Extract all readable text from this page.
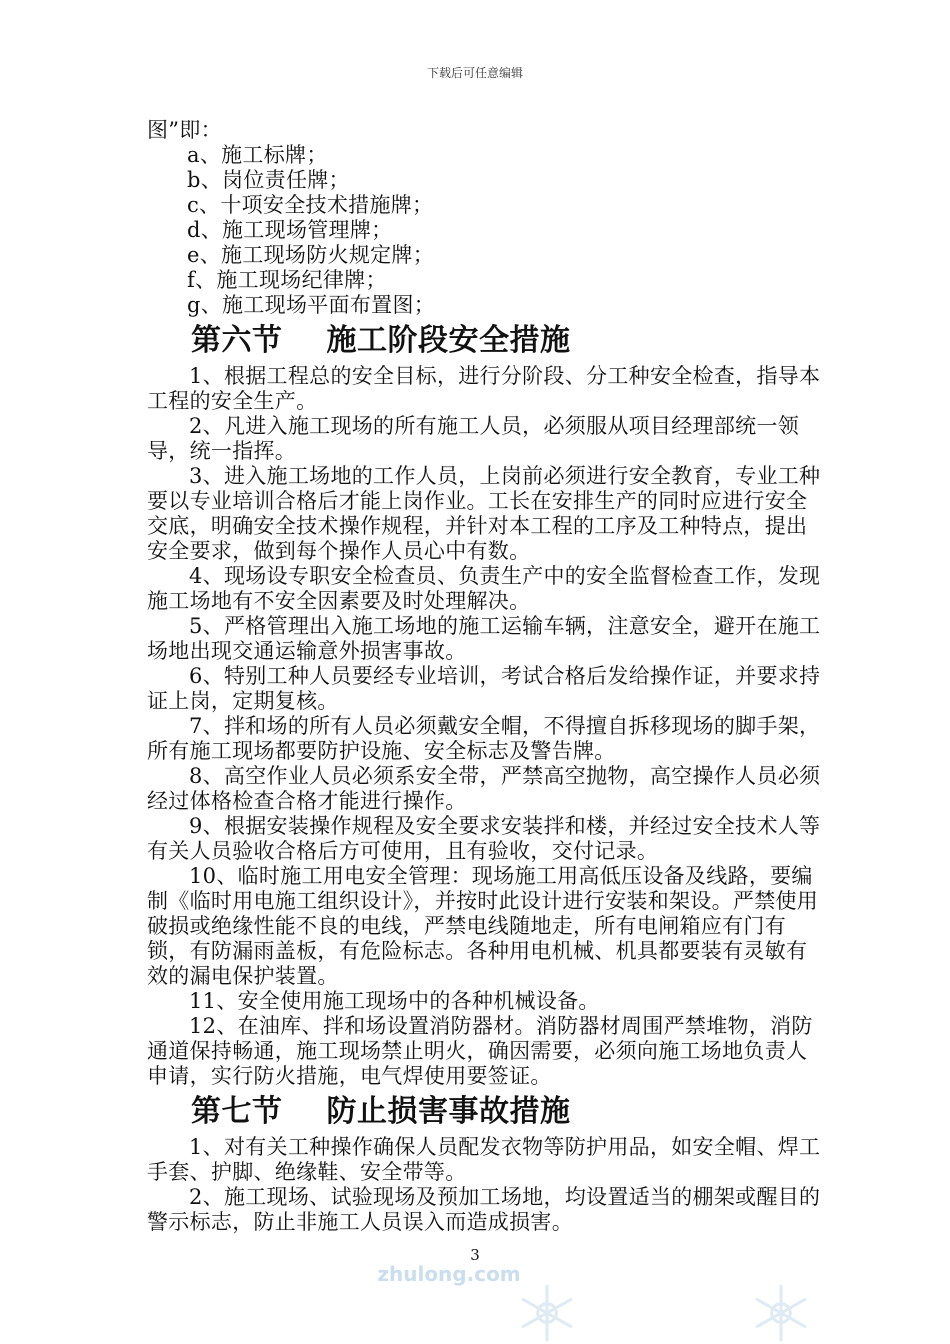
下载后可任意编辑

图”即：

a、施工标牌；

b、岗位责任牌；

c、十项安全技术措施牌；

d、施工现场管理牌；

e、施工现场防火规定牌；

f、施工现场纪律牌；

g、施工现场平面布置图；

第六节 施工阶段安全措施

1、根据工程总的安全目标，进行分阶段、分工种安全检查，指导本工程的安全生产。

2、凡进入施工现场的所有施工人员，必须服从项目经理部统一领导，统一指挥。

3、进入施工场地的工作人员，上岗前必须进行安全教育，专业工种要以专业培训合格后才能上岗作业。工长在安排生产的同时应进行安全交底，明确安全技术操作规程，并针对本工程的工序及工种特点，提出安全要求，做到每个操作人员心中有数。

4、现场设专职安全检查员、负责生产中的安全监督检查工作，发现施工场地有不安全因素要及时处理解决。

5、严格管理出入施工场地的施工运输车辆，注意安全，避开在施工场地出现交通运输意外损害事故。

6、特别工种人员要经专业培训，考试合格后发给操作证，并要求持证上岗，定期复核。

7、拌和场的所有人员必须戴安全帽，不得擅自拆移现场的脚手架，所有施工现场都要防护设施、安全标志及警告牌。

8、高空作业人员必须系安全带，严禁高空抛物，高空操作人员必须经过体格检查合格才能进行操作。

9、根据安装操作规程及安全要求安装拌和楼，并经过安全技术人等有关人员验收合格后方可使用，且有验收，交付记录。

10、临时施工用电安全管理：现场施工用高低压设备及线路，要编制《临时用电施工组织设计》，并按时此设计进行安装和架设。严禁使用破损或绝缘性能不良的电线，严禁电线随地走，所有电闸箱应有门有锁，有防漏雨盖板，有危险标志。各种用电机械、机具都要装有灵敏有效的漏电保护装置。

11、安全使用施工现场中的各种机械设备。

12、在油库、拌和场设置消防器材。消防器材周围严禁堆物，消防通道保持畅通，施工现场禁止明火，确因需要，必须向施工场地负责人申请，实行防火措施，电气焊使用要签证。

第七节 防止损害事故措施

1、对有关工种操作确保人员配发衣物等防护用品，如安全帽、焊工手套、护脚、绝缘鞋、安全带等。

2、施工现场、试验现场及预加工场地，均设置适当的棚架或醒目的警示标志，防止非施工人员误入而造成损害。

3
zhulong.com
